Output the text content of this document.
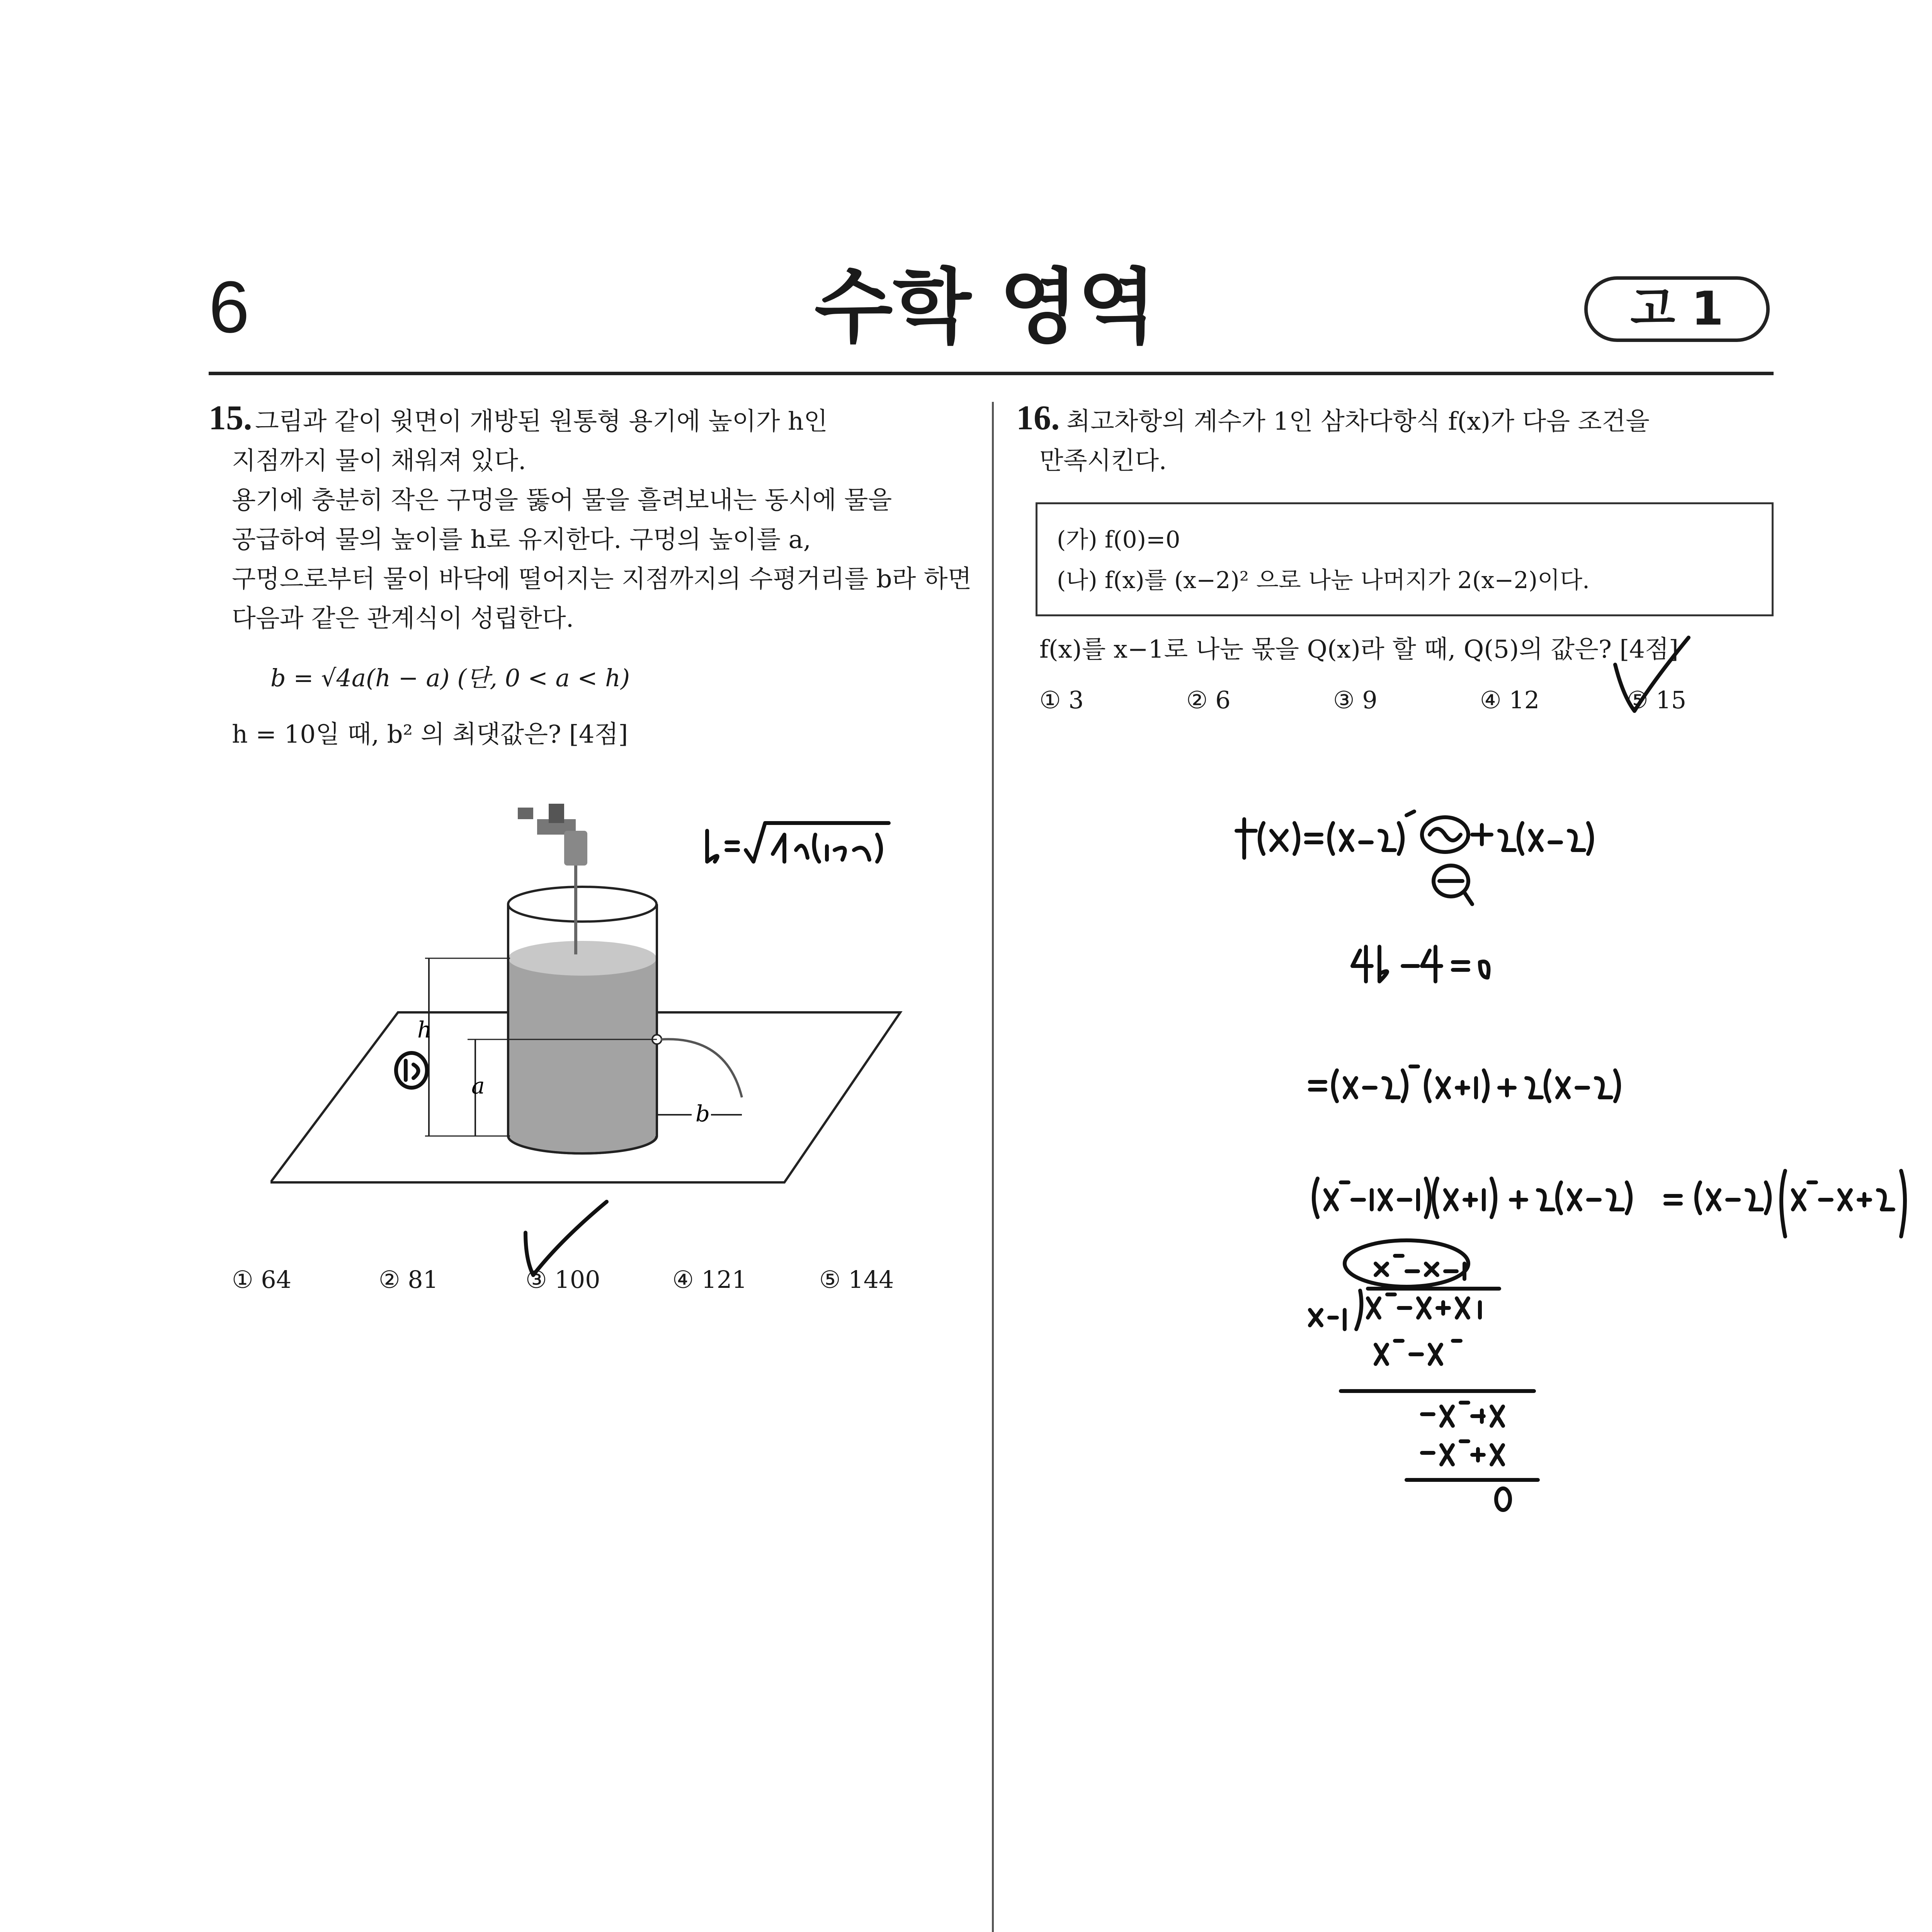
6	수학 영역	고 1
15. 그림과 같이 윗면이 개방된 원통형 용기에 높이가 h인
지점까지 물이 채워져 있다.
용기에 충분히 작은 구멍을 뚫어 물을 흘려보내는 동시에 물을
공급하여 물의 높이를 h로 유지한다. 구멍의 높이를 a,
구멍으로부터 물이 바닥에 떨어지는 지점까지의 수평거리를 b라 하면
다음과 같은 관계식이 성립한다.
b = √4a(h − a) (단, 0 < a < h)
h = 10일 때, b² 의 최댓값은? [4점]
h
a
b
① 64	② 81	③ 100	④ 121	⑤ 144
16. 최고차항의 계수가 1인 삼차다항식 f(x)가 다음 조건을
만족시킨다.
(가) f(0)=0
(나) f(x)를 (x−2)² 으로 나눈 나머지가 2(x−2)이다.
f(x)를 x−1로 나눈 몫을 Q(x)라 할 때, Q(5)의 값은? [4점]
① 3	② 6	③ 9	④ 12	⑤ 15
